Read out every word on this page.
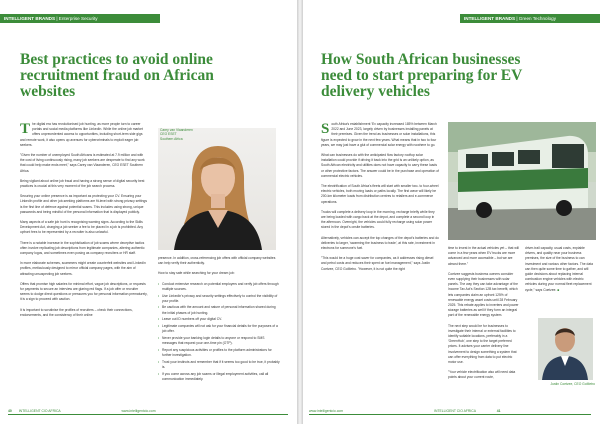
INTELLIGENT BRANDS | Enterprise Security
Best practices to avoid online recruitment fraud on African websites

The digital era has revolutionised job hunting, as more people turn to career portals and social media platforms like LinkedIn. While the online job market offers unprecedented access to opportunities, including short-term side gigs and remote work, it also opens up avenues for cybercriminals to exploit eager job seekers.

"Given the number of unemployed South Africans is estimated at 7.9 million and with the cost of living continuously rising, many job seekers are desperate to find any work that could help make ends meet," says Carey van Vlaanderen, CEO ESET Southern Africa.

Being vigilant about online job fraud and having a strong sense of digital security best practices is crucial at this very moment of the job search process.

Securing your online presence is as important as protecting your CV. Ensuring your LinkedIn profile and other job-seeking platforms are fit-level with strong privacy settings is the first line of defence against potential scams. This includes using strong, unique passwords and being mindful of the personal information that is displayed publicly.

Many aspects of a safe job hunt is recognising warning signs. According to the Skills Development Act, charging a job seeker a fee to be placed in a job is prohibited. Any upfront fees to be represented by a recruiter is also unlawful.

There is a notable increase in the sophistication of job scams where deceptive tactics often involve replicating job descriptions from legitimate companies, altering authentic company logos, and sometimes even posing as company recruiters or HR staff.

In more elaborate schemes, scammers might create counterfeit websites and LinkedIn profiles, meticulously designed to mirror official company pages, with the aim of attracting unsuspecting job seekers.

Offers that promise high salaries for minimal effort, vague job descriptions, or requests for payments to secure an interview are glaring red flags. If a job offer or recruiter seems to dodge direct questions or pressures you for personal information prematurely, it is a sign to proceed with caution.

It is important to scrutinise the profiles of recruiters – check their connections, endorsements, and the consistency of their online

Carey van Vlaanderen
CEO ESET
Southern Africa

presence. In addition, cross-referencing job offers with official company websites can help verify their authenticity.

How to stay safe while searching for your dream job:

• Conduct extensive research on potential employers and verify job offers through multiple sources.
• Use LinkedIn's privacy and security settings effectively to control the visibility of your profile.
• Be cautious with the amount and nature of personal information shared during the initial phases of job hunting.
• Leave out ID numbers off your digital CV.
• Legitimate companies will not ask for your financial details for the purposes of a job offer.
• Never provide your banking login details to anyone or respond to SMS messages that request your one-time pin (OTP).
• Report any suspicious activities or profiles to the platform administrators for further investigation.
• Trust your instincts and remember that if it seems too good to be true, it probably is.
• If you come across any job scams or illegal employment activities, call all communication immediately.
40 INTELLIGENT CIO AFRICA	www.intelligentcio.com
INTELLIGENT BRANDS | Green Technology
How South African businesses need to start preparing for EV delivery vehicles

South Africa's establishment 'Ev capacity increased 185% between March 2022 and June 2023, largely driven by businesses installing panels at their premises. Given the trend as businesses or solar installations, this figure is expected to grow in the next few years. What means that in two to four years, we may just have a glut of commercial solar energy with nowhere to go.

What can businesses do with the anticipated flow factory rooftop solar installation could provide if driving it back into the grid is an unlikely option, as South African electricity and utilities does not have capacity to carry these loads or other protective factors. The answer could be in the purchase and operation of commercial electric vehicles.

The electrification of South Africa's fleets will start with smaller two- to four-wheel electric vehicles, both moving loads or paths locally. The first wave will likely be 200-km kilometer loads from distribution centres to retailers and e-commerce operations.

Trucks will complete a delivery loop in the morning, recharge briefly while they are being loaded with cargo back at the depot, and complete a second loop in the afternoon. Overnight, the vehicles could fully recharge using solar power stored in the depot's onsite batteries.

Alternatively, vehicles can accept the top changes of the depot's batteries and do deliveries to larger, 'swarming the business to trade', at this rate, investment in electrons for someone's fuel.

"This would be a huge cost saver for companies, as it addresses rising diesel and petrol costs and reduces their spent on fuel management," says Justin Coetzee, CEO GoMetro. "However, it is not quite the right

time to invest in the actual vehicles yet – that will come in a few years when EV trucks are more advanced and more accessible – but we are almost there."

Coetzee suggests business owners consider even supplying their businesses with solar panels. The way they can take advantage of the Income Tax Act's Section 12B tax benefit, which lets companies claim an upfront 125% of renewable energy asset costs until 28 February 2025. This rebate applies to inverters and power storage batteries as well if they form an integral part of the renewable energy system.

The next step would be for businesses to investigate their internal or external facilities to identify suitable locations, preferably in a 'GreenHub', one step to the target preferred prices. It advises your carrier delivery line involvement to design something a system that can offer everything from data to put electric motor use.

"Your vehicle electrification also will need data points about your current route,

driver-trail capacity, usual costs, expiable drivers, and quality near your business premises, the size of the business to can investment and various other factors. The data can then quite some time to gather, and will guide decisions about replacing internal combustion engine vehicles with electric vehicles during your normal fleet replacement cycle," says Coetzee. ■

Justin Coetzee, CEO GoMetro
www.intelligentcio.com	INTELLIGENT CIO AFRICA	41
